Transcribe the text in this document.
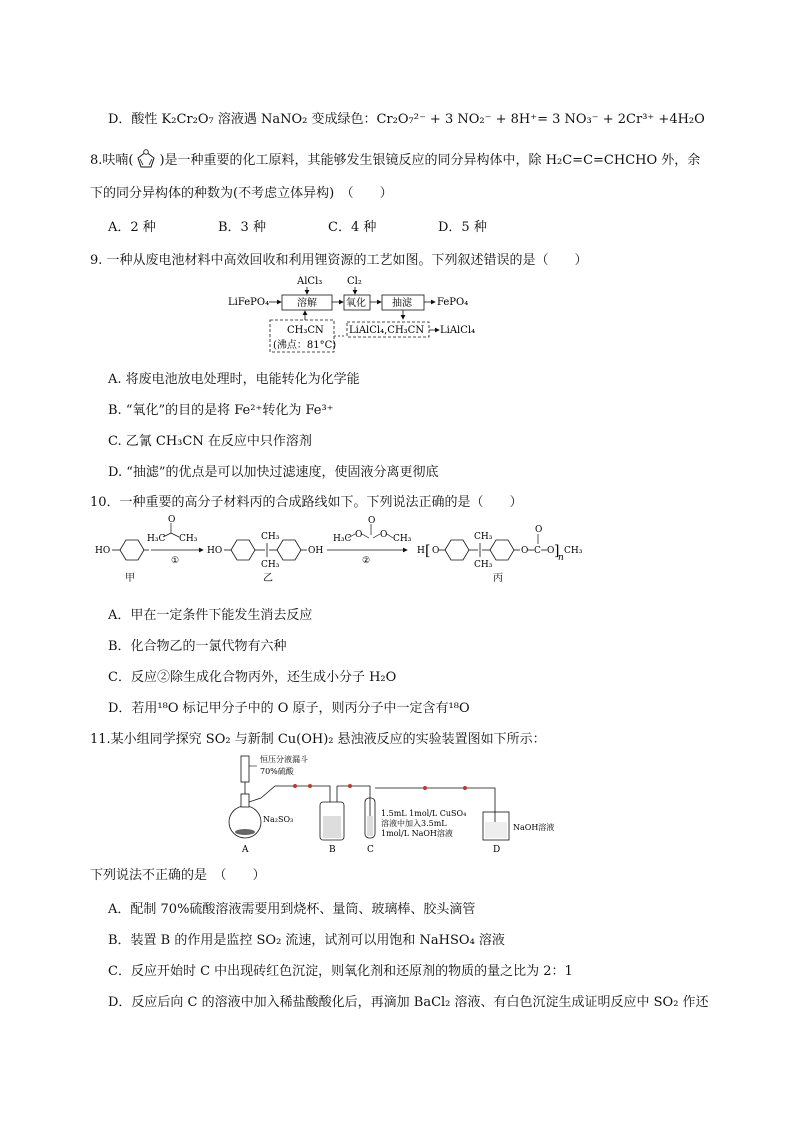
D．酸性 K₂Cr₂O₇ 溶液遇 NaNO₂ 变成绿色：Cr₂O₇²⁻ + 3 NO₂⁻ + 8H⁺= 3 NO₃⁻ + 2Cr³⁺ +4H₂O
8.呋喃( )是一种重要的化工原料，其能够发生银镜反应的同分异构体中，除 H₂C=C=CHCHO 外，余
下的同分异构体的种数为(不考虑立体异构)　（　　）
A．2 种	B．3 种	C．4 种	D．5 种
9. 一种从废电池材料中高效回收和利用锂资源的工艺如图。下列叙述错误的是（　　）
LiFePO₄
AlCl₃
溶解
Cl₂
氧化	抽滤	FePO₄
CH₃CN
(沸点：81°C)
LiAlCl₄,CH₃CN LiAlCl₄
A. 将废电池放电处理时，电能转化为化学能
B. “氧化”的目的是将 Fe²⁺转化为 Fe³⁺
C. 乙氰 CH₃CN 在反应中只作溶剂
D. “抽滤”的优点是可以加快过滤速度，使固液分离更彻底
10．一种重要的高分子材料丙的合成路线如下。下列说法正确的是（　　）
HO
甲
H₃C
O
CH₃
①
HO
CH₃
CH₃
OH
乙
H₃C O
O
O CH₃
②
H [ O
CH₃
CH₃
O C
O
O ]
n
CH₃
丙
A．甲在一定条件下能发生消去反应
B．化合物乙的一氯代物有六种
C．反应②除生成化合物丙外，还生成小分子 H₂O
D．若用¹⁸O 标记甲分子中的 O 原子，则丙分子中一定含有¹⁸O
11.某小组同学探究 SO₂ 与新制 Cu(OH)₂ 悬浊液反应的实验装置图如下所示：
恒压分液漏斗
70%硫酸
Na₂SO₃
A	B	C
1.5mL 1mol/L CuSO₄
溶液中加入3.5mL
1mol/L NaOH溶液
NaOH溶液
D
下列说法不正确的是　（　　）
A．配制 70%硫酸溶液需要用到烧杯、量筒、玻璃棒、胶头滴管
B．装置 B 的作用是监控 SO₂ 流速，试剂可以用饱和 NaHSO₄ 溶液
C．反应开始时 C 中出现砖红色沉淀，则氧化剂和还原剂的物质的量之比为 2：1
D．反应后向 C 的溶液中加入稀盐酸酸化后，再滴加 BaCl₂ 溶液、有白色沉淀生成证明反应中 SO₂ 作还
